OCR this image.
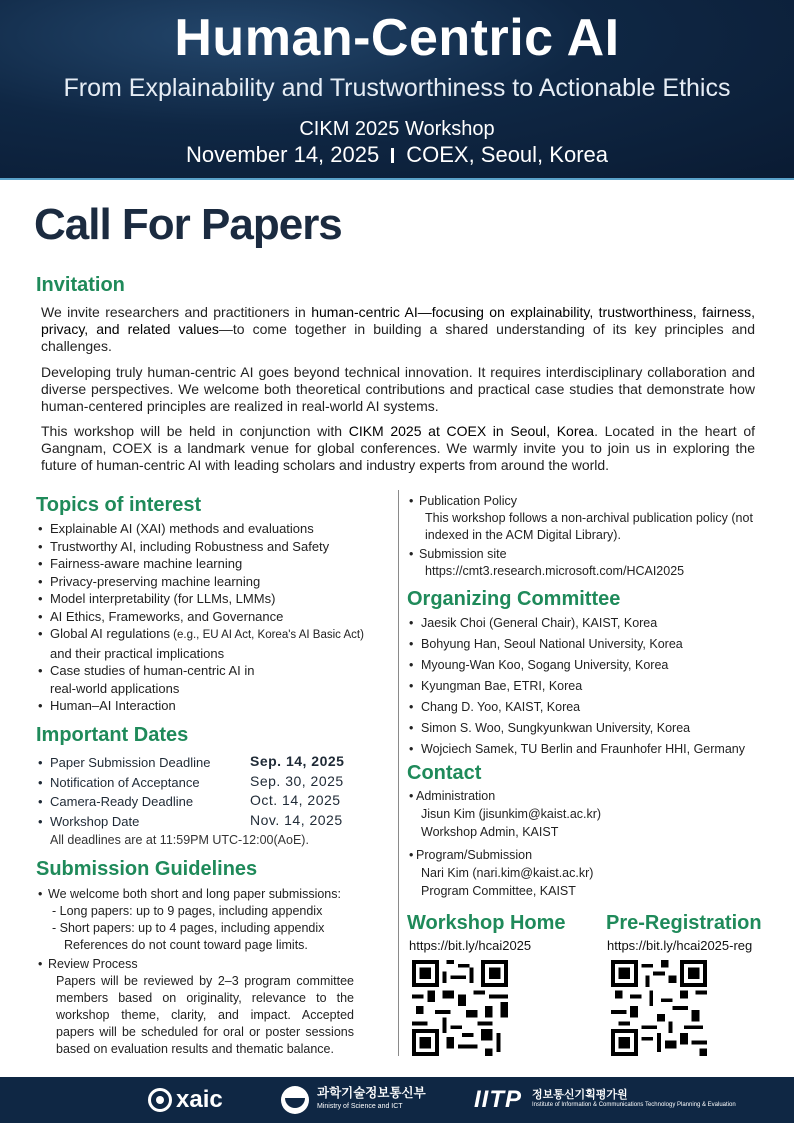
Human-Centric AI
From Explainability and Trustworthiness to Actionable Ethics
CIKM 2025 Workshop
November 14, 2025 COEX, Seoul, Korea
Call For Papers
Invitation
We invite researchers and practitioners in human-centric AI—focusing on explainability, trustworthiness, fairness, privacy, and related values—to come together in building a shared understanding of its key principles and challenges.
Developing truly human-centric AI goes beyond technical innovation. It requires interdisciplinary collaboration and diverse perspectives. We welcome both theoretical contributions and practical case studies that demonstrate how human-centered principles are realized in real-world AI systems.
This workshop will be held in conjunction with CIKM 2025 at COEX in Seoul, Korea. Located in the heart of Gangnam, COEX is a landmark venue for global conferences. We warmly invite you to join us in exploring the future of human-centric AI with leading scholars and industry experts from around the world.
Topics of interest
• Explainable AI (XAI) methods and evaluations
• Trustworthy AI, including Robustness and Safety
• Fairness-aware machine learning
• Privacy-preserving machine learning
• Model interpretability (for LLMs, LMMs)
• AI Ethics, Frameworks, and Governance
• Global AI regulations (e.g., EU AI Act, Korea's AI Basic Act)
and their practical implications
• Case studies of human-centric AI in
real-world applications
• Human–AI Interaction
Important Dates
• Paper Submission Deadline	Sep. 14, 2025
• Notification of Acceptance	Sep. 30, 2025
• Camera-Ready Deadline	Oct. 14, 2025
• Workshop Date	Nov. 14, 2025
All deadlines are at 11:59PM UTC-12:00(AoE).
Submission Guidelines
• We welcome both short and long paper submissions:
- Long papers: up to 9 pages, including appendix
- Short papers: up to 4 pages, including appendix
References do not count toward page limits.
• Review Process
Papers will be reviewed by 2–3 program committee members based on originality, relevance to the workshop theme, clarity, and impact. Accepted papers will be scheduled for oral or poster sessions based on evaluation results and thematic balance.
• Publication Policy
This workshop follows a non-archival publication policy (not indexed in the ACM Digital Library).
• Submission site
https://cmt3.research.microsoft.com/HCAI2025
Organizing Committee
• Jaesik Choi (General Chair), KAIST, Korea
• Bohyung Han, Seoul National University, Korea
• Myoung-Wan Koo, Sogang University, Korea
• Kyungman Bae, ETRI, Korea
• Chang D. Yoo, KAIST, Korea
• Simon S. Woo, Sungkyunkwan University, Korea
• Wojciech Samek, TU Berlin and Fraunhofer HHI, Germany
Contact
• Administration
Jisun Kim (jisunkim@kaist.ac.kr)
Workshop Admin, KAIST
• Program/Submission
Nari Kim (nari.kim@kaist.ac.kr)
Program Committee, KAIST
Workshop Home
https://bit.ly/hcai2025
Pre-Registration
https://bit.ly/hcai2025-reg
xaic	과학기술정보통신부
Ministry of Science and ICT	IITP 정보통신기획평가원
Institute of Information & Communications Technology Planning & Evaluation
